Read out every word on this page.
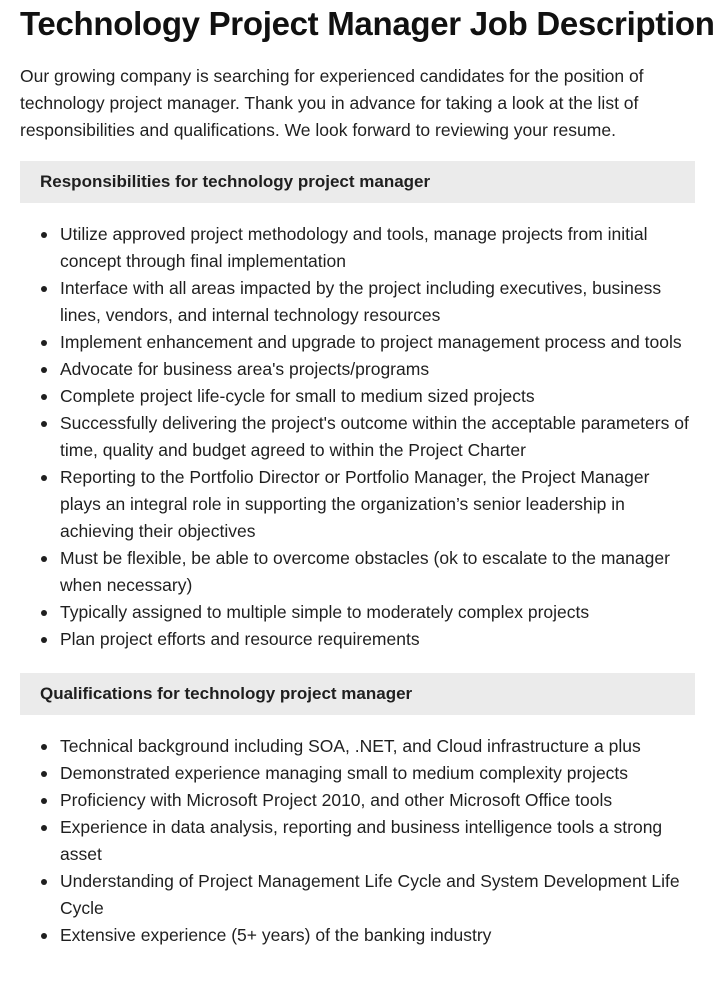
Technology Project Manager Job Description

Our growing company is searching for experienced candidates for the position of technology project manager. Thank you in advance for taking a look at the list of responsibilities and qualifications. We look forward to reviewing your resume.

Responsibilities for technology project manager
Utilize approved project methodology and tools, manage projects from initial concept through final implementation
Interface with all areas impacted by the project including executives, business lines, vendors, and internal technology resources
Implement enhancement and upgrade to project management process and tools
Advocate for business area's projects/programs
Complete project life-cycle for small to medium sized projects
Successfully delivering the project's outcome within the acceptable parameters of time, quality and budget agreed to within the Project Charter
Reporting to the Portfolio Director or Portfolio Manager, the Project Manager plays an integral role in supporting the organization’s senior leadership in achieving their objectives
Must be flexible, be able to overcome obstacles (ok to escalate to the manager when necessary)
Typically assigned to multiple simple to moderately complex projects
Plan project efforts and resource requirements
Qualifications for technology project manager
Technical background including SOA, .NET, and Cloud infrastructure a plus
Demonstrated experience managing small to medium complexity projects
Proficiency with Microsoft Project 2010, and other Microsoft Office tools
Experience in data analysis, reporting and business intelligence tools a strong asset
Understanding of Project Management Life Cycle and System Development Life Cycle
Extensive experience (5+ years) of the banking industry
